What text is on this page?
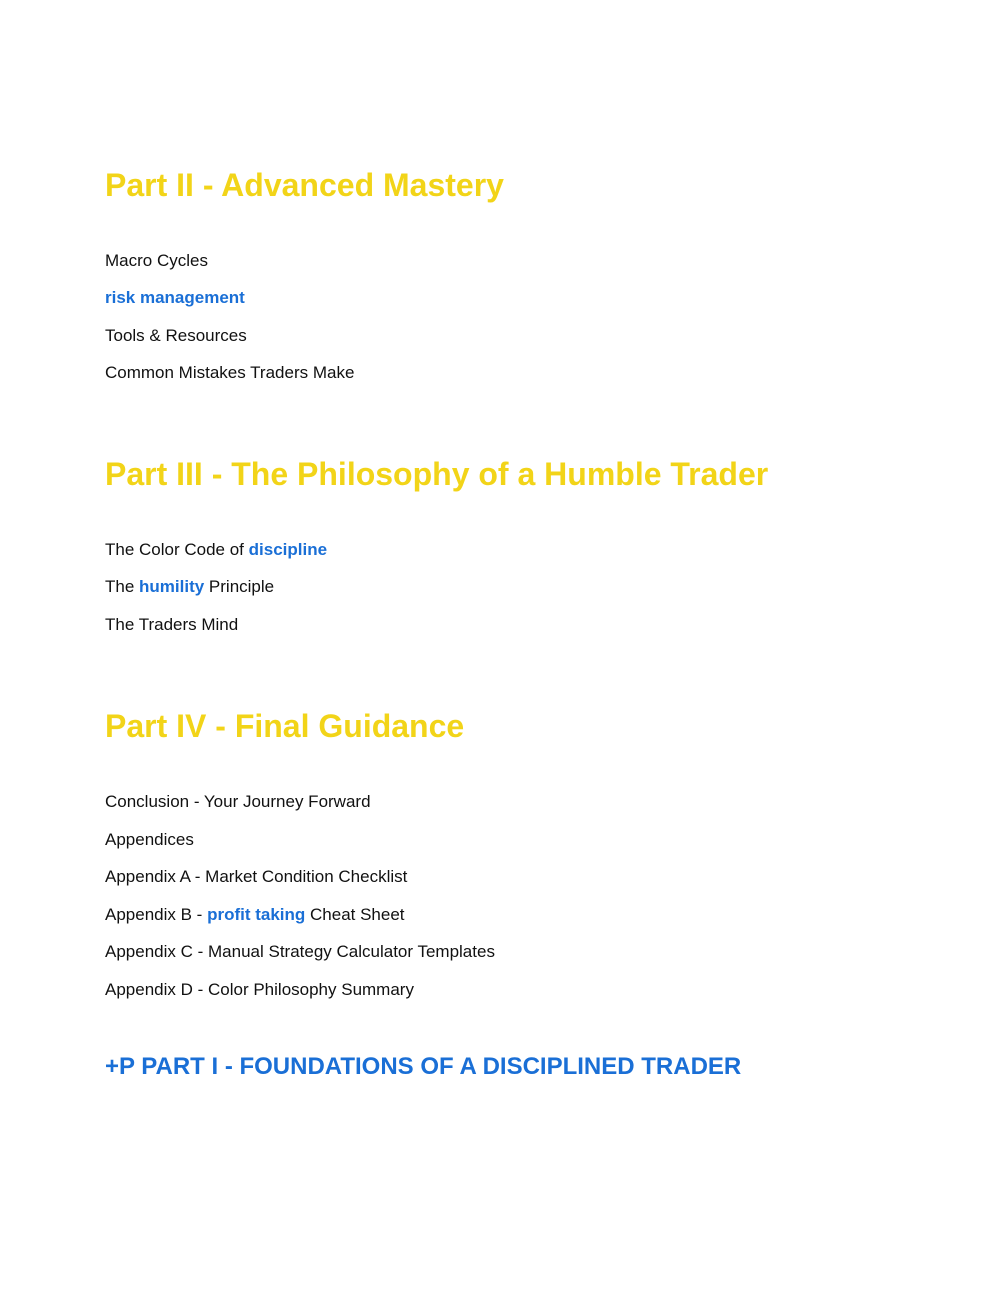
Part II - Advanced Mastery

Macro Cycles

risk management

Tools & Resources

Common Mistakes Traders Make

Part III - The Philosophy of a Humble Trader

The Color Code of discipline

The humility Principle

The Traders Mind

Part IV - Final Guidance

Conclusion - Your Journey Forward

Appendices

Appendix A - Market Condition Checklist

Appendix B - profit taking Cheat Sheet

Appendix C - Manual Strategy Calculator Templates

Appendix D - Color Philosophy Summary

+P PART I - FOUNDATIONS OF A DISCIPLINED TRADER
